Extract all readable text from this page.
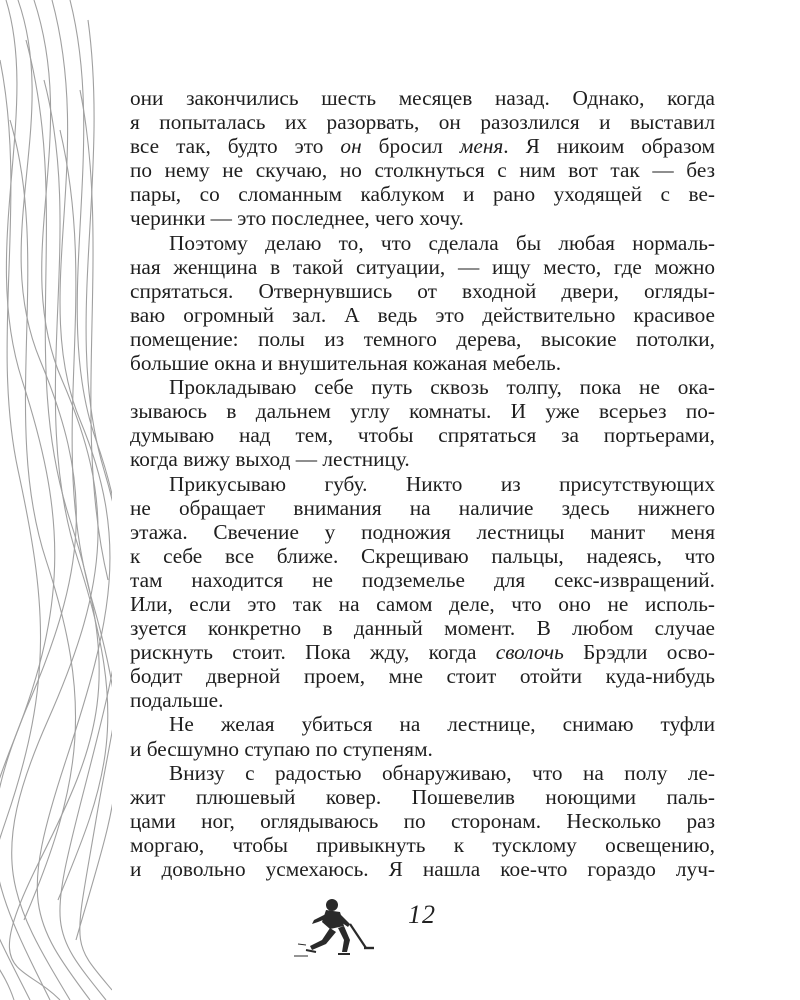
они закончились шесть месяцев назад. Однако, когда
я попыталась их разорвать, он разозлился и выставил
все так, будто это он бросил меня. Я никоим образом
по нему не скучаю, но столкнуться с ним вот так — без
пары, со сломанным каблуком и рано уходящей с ве-
черинки — это последнее, чего хочу.
Поэтому делаю то, что сделала бы любая нормаль-
ная женщина в такой ситуации, — ищу место, где можно
спрятаться. Отвернувшись от входной двери, огляды-
ваю огромный зал. А ведь это действительно красивое
помещение: полы из темного дерева, высокие потолки,
большие окна и внушительная кожаная мебель.
Прокладываю себе путь сквозь толпу, пока не ока-
зываюсь в дальнем углу комнаты. И уже всерьез по-
думываю над тем, чтобы спрятаться за портьерами,
когда вижу выход — лестницу.
Прикусываю губу. Никто из присутствующих
не обращает внимания на наличие здесь нижнего
этажа. Свечение у подножия лестницы манит меня
к себе все ближе. Скрещиваю пальцы, надеясь, что
там находится не подземелье для секс-извращений.
Или, если это так на самом деле, что оно не исполь-
зуется конкретно в данный момент. В любом случае
рискнуть стоит. Пока жду, когда сволочь Брэдли осво-
бодит дверной проем, мне стоит отойти куда-нибудь
подальше.
Не желая убиться на лестнице, снимаю туфли
и бесшумно ступаю по ступеням.
Внизу с радостью обнаруживаю, что на полу ле-
жит плюшевый ковер. Пошевелив ноющими паль-
цами ног, оглядываюсь по сторонам. Несколько раз
моргаю, чтобы привыкнуть к тусклому освещению,
и довольно усмехаюсь. Я нашла кое-что гораздо луч-
12
